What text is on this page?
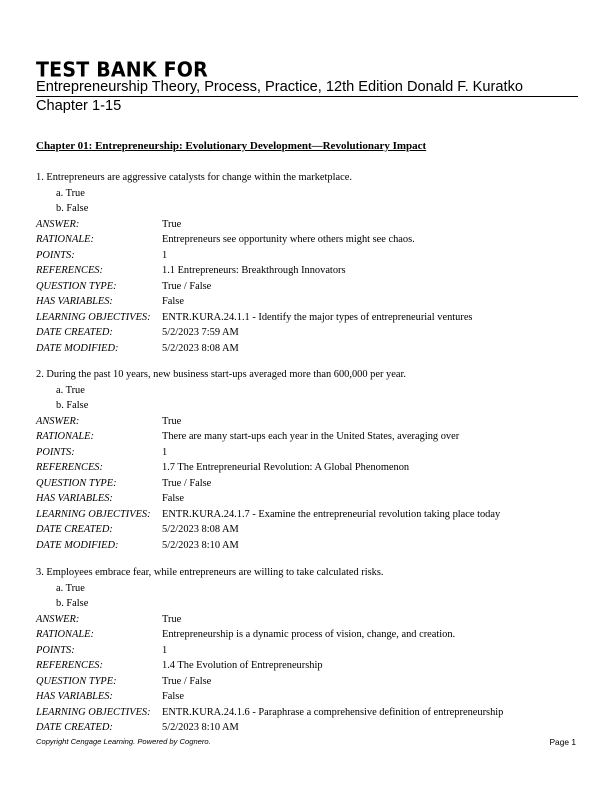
TEST BANK FOR
Entrepreneurship Theory, Process, Practice, 12th Edition Donald F. Kuratko
Chapter 1-15
Chapter 01: Entrepreneurship: Evolutionary Development—Revolutionary Impact
1. Entrepreneurs are aggressive catalysts for change within the marketplace.
a. True
b. False
ANSWER:	True
RATIONALE:	Entrepreneurs see opportunity where others might see chaos.
POINTS:	1
REFERENCES:	1.1 Entrepreneurs: Breakthrough Innovators
QUESTION TYPE:	True / False
HAS VARIABLES:	False
LEARNING OBJECTIVES: ENTR.KURA.24.1.1 - Identify the major types of entrepreneurial ventures
DATE CREATED:	5/2/2023 7:59 AM
DATE MODIFIED:	5/2/2023 8:08 AM
2. During the past 10 years, new business start-ups averaged more than 600,000 per year.
a. True
b. False
ANSWER:	True
RATIONALE:	There are many start-ups each year in the United States, averaging over
POINTS:	1
REFERENCES:	1.7 The Entrepreneurial Revolution: A Global Phenomenon
QUESTION TYPE:	True / False
HAS VARIABLES:	False
LEARNING OBJECTIVES: ENTR.KURA.24.1.7 - Examine the entrepreneurial revolution taking place today
DATE CREATED:	5/2/2023 8:08 AM
DATE MODIFIED:	5/2/2023 8:10 AM
3. Employees embrace fear, while entrepreneurs are willing to take calculated risks.
a. True
b. False
ANSWER:	True
RATIONALE:	Entrepreneurship is a dynamic process of vision, change, and creation.
POINTS:	1
REFERENCES:	1.4 The Evolution of Entrepreneurship
QUESTION TYPE:	True / False
HAS VARIABLES:	False
LEARNING OBJECTIVES: ENTR.KURA.24.1.6 - Paraphrase a comprehensive definition of entrepreneurship
DATE CREATED:	5/2/2023 8:10 AM
Copyright Cengage Learning. Powered by Cognero.	Page 1
